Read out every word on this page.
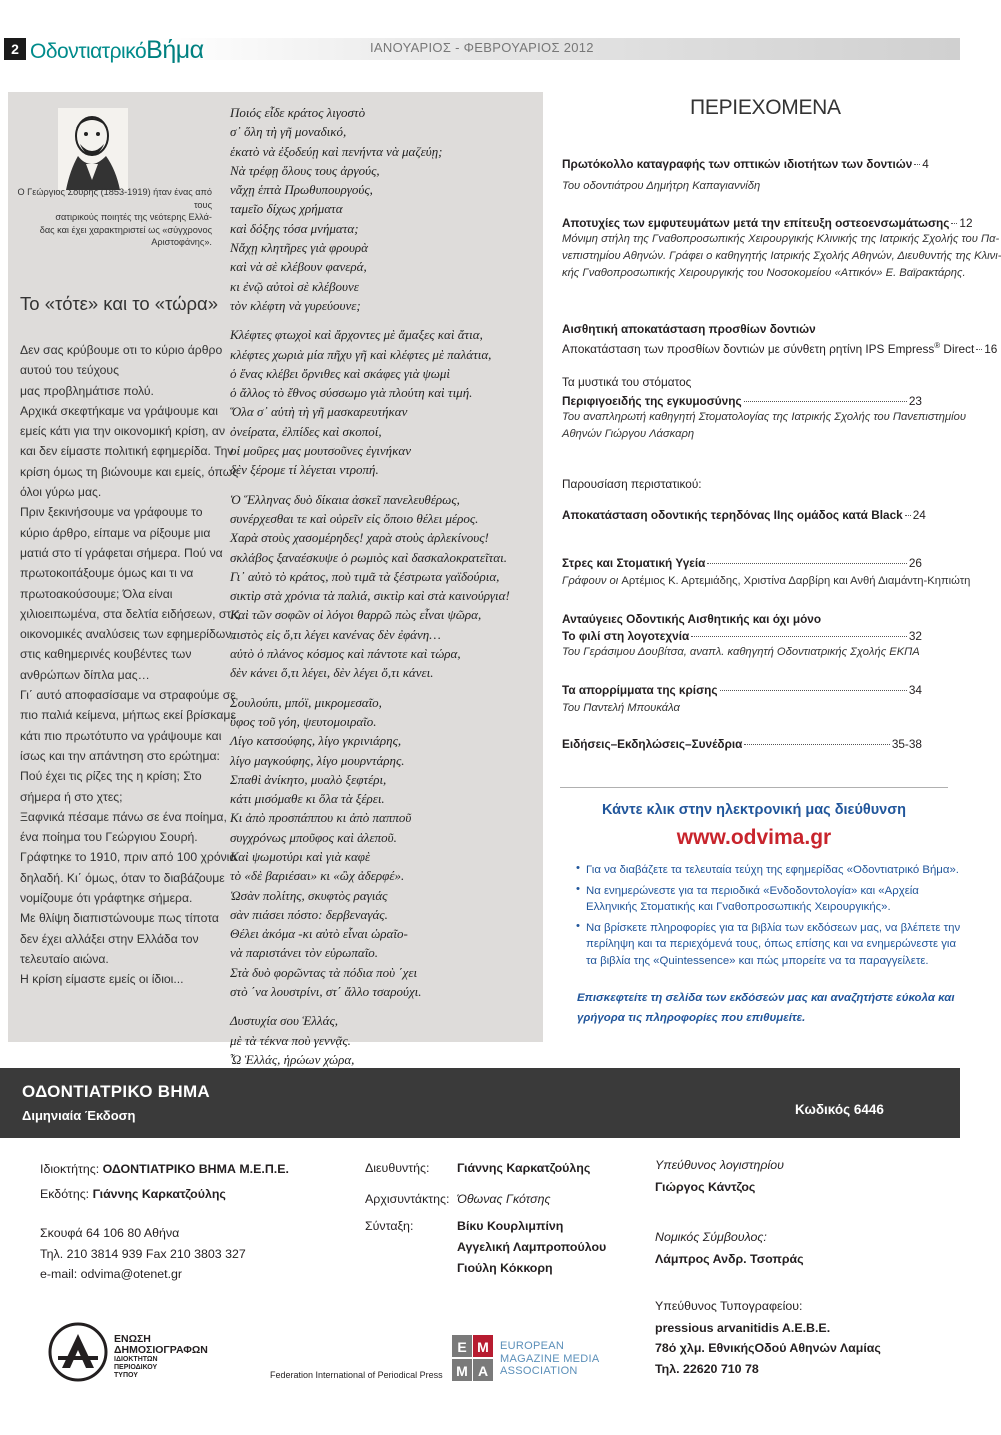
2 ΟδοντιατρικόΒήμα	ΙΑΝΟΥΑΡΙΟΣ - ΦΕΒΡΟΥΑΡΙΟΣ 2012

Ο Γεώργιος Σουρής (1853-1919) ήταν ένας από τους

σατιρικούς ποιητές της νεότερης Ελλά-

δας και έχει χαρακτηριστεί ως «σύγχρονος Αριστοφάνης».

Το «τότε» και το «τώρα»

Δεν σας κρύβουμε οτι το κύριο άρθρο

αυτού του τεύχους

μας προβλημάτισε πολύ.

Αρχικά σκεφτήκαμε να γράψουμε και

εμείς κάτι για την οικονομική κρίση, αν

και δεν είμαστε πολιτική εφημερίδα. Την

κρίση όμως τη βιώνουμε και εμείς, όπως

όλοι γύρω μας.

Πριν ξεκινήσουμε να γράφουμε το

κύριο άρθρο, είπαμε να ρίξουμε μια

ματιά στο τί γράφεται σήμερα. Πού να

πρωτοκοιτάξουμε όμως και τι να

πρωτοακούσουμε; Όλα είναι

χιλιοειπωμένα, στα δελτία ειδήσεων, στις

οικονομικές αναλύσεις των εφημερίδων,

στις καθημερινές κουβέντες των

ανθρώπων δίπλα μας…

Γι΄ αυτό αποφασίσαμε να στραφούμε σε

πιο παλιά κείμενα, μήπως εκεί βρίσκαμε

κάτι πιο πρωτότυπο να γράψουμε και

ίσως και την απάντηση στο ερώτημα:

Πού έχει τις ρίζες της η κρίση; Στο

σήμερα ή στο χτες;

Ξαφνικά πέσαμε πάνω σε ένα ποίημα,

ένα ποίημα του Γεώργιου Σουρή.

Γράφτηκε το 1910, πριν από 100 χρόνια

δηλαδή. Κι΄ όμως, όταν το διαβάζουμε

νομίζουμε ότι γράφτηκε σήμερα.

Με θλίψη διαπιστώνουμε πως τίποτα

δεν έχει αλλάξει στην Ελλάδα τον

τελευταίο αιώνα.

Η κρίση είμαστε εμείς οι ίδιοι...

Ποιός εἶδε κράτος λιγοστὸ

σ᾽ ὅλη τὴ γῆ μοναδικό,

ἑκατὸ νὰ ἐξοδεύῃ καὶ πενήντα νὰ μαζεύῃ;

Νὰ τρέφῃ ὅλους τους ἀργούς,

νἄχῃ ἑπτὰ Πρωθυπουργούς,

ταμεῖο δίχως χρήματα

καὶ δόξης τόσα μνήματα;

Νἄχῃ κλητῆρες γιὰ φρουρὰ

καὶ νὰ σὲ κλέβουν φανερά,

κι ἐνῷ αὐτοὶ σὲ κλέβουνε

τὸν κλέφτη νὰ γυρεύουνε;

Κλέφτες φτωχοὶ καὶ ἄρχοντες μὲ ἅμαξες καὶ ἄτια,

κλέφτες χωριὰ μία πῆχυ γῆ καὶ κλέφτες μὲ παλάτια,

ὁ ἕνας κλέβει ὄρνιθες καὶ σκάφες γιὰ ψωμὶ

ὁ ἄλλος τὸ ἔθνος σύσσωμο γιὰ πλούτη καὶ τιμή.

Ὅλα σ᾽ αὐτὴ τὴ γῆ μασκαρευτήκαν

ὀνείρατα, ἐλπίδες καὶ σκοποί,

οἱ μοῦρες μας μουτσοῦνες ἐγινήκαν

δὲν ξέρομε τί λέγεται ντροπή.

Ὁ Ἕλληνας δυὸ δίκαια ἀσκεῖ πανελευθέρως,

συνέρχεσθαι τε καὶ οὐρεῖν εἰς ὅποιο θέλει μέρος.

Χαρὰ στοὺς χασομέρηδες! χαρὰ στοὺς ἀρλεκίνους!

σκλάβος ξαναέσκυψε ὁ ρωμιὸς καὶ δασκαλοκρατεῖται.

Γι᾽ αὐτὸ τὸ κράτος, ποὺ τιμᾶ τὰ ξέστρωτα γαϊδούρια,

σικτὶρ στὰ χρόνια τὰ παλιά, σικτὶρ καὶ στὰ καινούργια!

Καὶ τῶν σοφῶν οἱ λόγοι θαρρῶ πὼς εἶναι ψῶρα,

πιστὸς εἰς ὅ,τι λέγει κανένας δὲν ἐφάνη…

αὐτὸ ὁ πλάνος κόσμος καὶ πάντοτε καὶ τώρα,

δὲν κάνει ὅ,τι λέγει, δὲν λέγει ὅ,τι κάνει.

Σουλούπι, μπόϊ, μικρομεσαῖο,

ὕφος τοῦ γόη, ψευτομοιραῖο.

Λίγο κατσούφης, λίγο γκρινιάρης,

λίγο μαγκούφης, λίγο μουρντάρης.

Σπαθὶ ἀνίκητο, μυαλὸ ξεφτέρι,

κάτι μισόμαθε κι ὅλα τὰ ξέρει.

Κι ἀπὸ προσπάππου κι ἀπὸ παπποῦ

συγχρόνως μποῦφος καὶ ἀλεποῦ.

Καὶ ψωμοτύρι καὶ γιὰ καφὲ

τὸ «δὲ βαριέσαι» κι «ὢχ ἀδερφέ».

Ὡσὰν πολίτης, σκυφτὸς ραγιάς

σὰν πιάσει πόστο: δερβεναγάς.

Θέλει ἀκόμα -κι αὐτὸ εἶναι ὡραῖο-

νὰ παριστάνει τὸν εὐρωπαῖο.

Στὰ δυὸ φορῶντας τὰ πόδια ποὺ ΄χει

στὸ ΄να λουστρίνι, στ΄ ἄλλο τσαρούχι.

Δυστυχία σου Ἑλλάς,

μὲ τὰ τέκνα ποὺ γεννᾷς.

Ὦ Ἑλλάς, ἡρώων χώρα,

ΠΕΡΙΕΧΟΜΕΝΑ
Πρωτόκολλο καταγραφής των οπτικών ιδιοτήτων των δοντιών 4
Του οδοντιάτρου Δημήτρη Καπαγιαννίδη
Αποτυχίες των εμφυτευμάτων μετά την επίτευξη οστεοενσωμάτωσης 12
Μόνιμη στήλη της Γναθοπροσωπικής Χειρουργικής Κλινικής της Ιατρικής Σχολής του Πα-
νεπιστημίου Αθηνών. Γράφει ο καθηγητής Ιατρικής Σχολής Αθηνών, Διευθυντής της Κλινι-
κής Γναθοπροσωπικής Χειρουργικής του Νοσοκομείου «Αττικόν» Ε. Βαϊρακτάρης.
Αισθητική αποκατάσταση προσθίων δοντιών
Αποκατάσταση των προσθίων δοντιών με σύνθετη ρητίνη IPS Empress® Direct 16
Τα μυστικά του στόματος
Περιφιγοειδής της εγκυμοσύνης	23
Του αναπληρωτή καθηγητή Στοματολογίας της Ιατρικής Σχολής του Πανεπιστημίου
Αθηνών Γιώργου Λάσκαρη
Παρουσίαση περιστατικού:
Αποκατάσταση οδοντικής τερηδόνας IIης ομάδος κατά Black 24
Στρες και Στοματική Υγεία	26
Γράφουν οι Αρτέμιος Κ. Αρτεμιάδης, Χριστίνα Δαρβίρη και Ανθή Διαμάντη-Κηπιώτη
Ανταύγειες Οδοντικής Αισθητικής και όχι μόνο
Το φιλί στη λογοτεχνία	32
Του Γεράσιμου Δουβίτσα, αναπλ. καθηγητή Οδοντιατρικής Σχολής ΕΚΠΑ
Τα απορρίμματα της κρίσης	34
Του Παντελή Μπουκάλα
Ειδήσεις–Εκδηλώσεις–Συνέδρια	35-38
Κάντε κλικ στην ηλεκτρονική μας διεύθυνση
www.odvima.gr

• Για να διαβάζετε τα τελευταία τεύχη της εφημερίδας «Οδοντιατρικό Βήμα».

• Να ενημερώνεστε για τα περιοδικά «Ενδοδοντολογία» και «Αρχεία

Ελληνικής Στοματικής και Γναθοπροσωπικής Χειρουργικής».

• Να βρίσκετε πληροφορίες για τα βιβλία των εκδόσεων μας, να βλέπετε την

περίληψη και τα περιεχόμενά τους, όπως επίσης και να ενημερώνεστε για

τα βιβλία της «Quintessence» και πώς μπορείτε να τα παραγγείλετε.

Επισκεφτείτε τη σελίδα των εκδόσεών μας και αναζητήστε εύκολα και

γρήγορα τις πληροφορίες που επιθυμείτε.

ΟΔΟΝΤΙΑΤΡΙΚΟ ΒΗΜΑ
Διμηνιαία Έκδοση	Κωδικός 6446
Ιδιοκτήτης: ΟΔΟΝΤΙΑΤΡΙΚΟ ΒΗΜΑ Μ.Ε.Π.Ε.
Εκδότης: Γιάννης Καρκατζούλης
Σκουφά 64 106 80 Αθήνα
Τηλ. 210 3814 939 Fax 210 3803 327
e-mail: odvima@otenet.gr
Διευθυντής: Γιάννης Καρκατζούλης
Αρχισυντάκτης: Όθωνας Γκότσης
Σύνταξη:	Βίκυ Κουρλιμπίνη
Αγγελική Λαμπροπούλου
Γιούλη Κόκκορη
Υπεύθυνος λογιστηρίου
Γιώργος Κάντζος
Νομικός Σύμβουλος:
Λάμπρος Ανδρ. Τσοπράς
Υπεύθυνος Τυπογραφείου:
pressious arvanitidis A.E.B.E.
78ό χλμ. ΕθνικήςΟδού Αθηνών Λαμίας
Τηλ. 22620 710 78
ΕΝΩΣΗ
ΔΗΜΟΣΙΟΓΡΑΦΩΝ
ΙΔΙΟΚΤΗΤΩΝ
ΠΕΡΙΟΔΙΚΟΥ
ΤΥΠΟΥ	Federation International of Periodical Press
E M
M A
EUROPEAN
MAGAZINE MEDIA
ASSOCIATION
